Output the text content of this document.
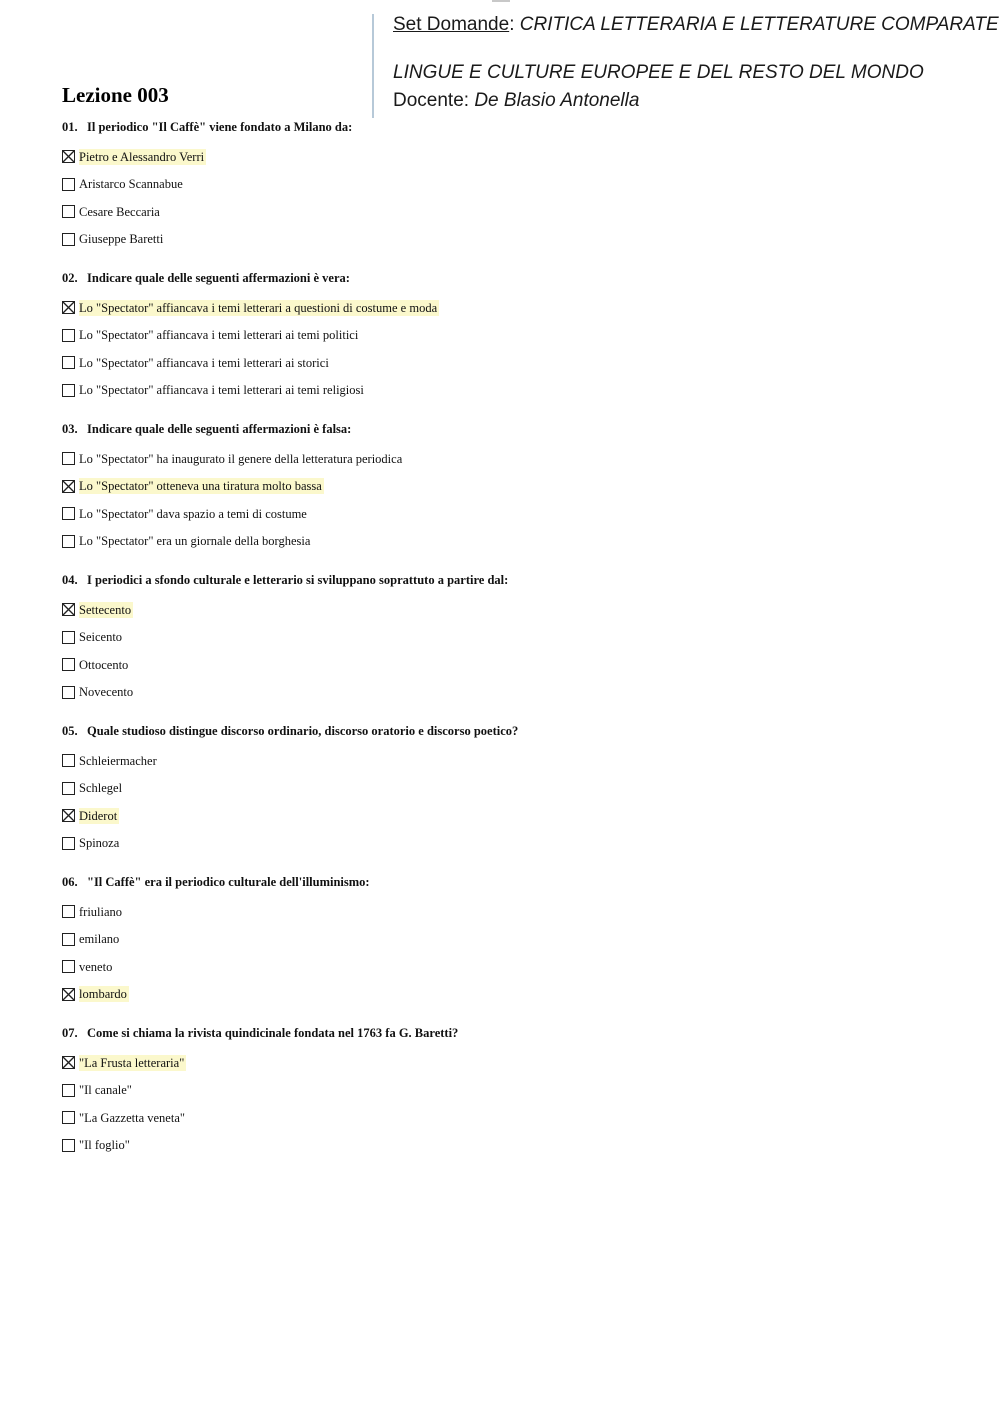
Set Domande: CRITICA LETTERARIA E LETTERATURE COMPARATE
LINGUE E CULTURE EUROPEE E DEL RESTO DEL MONDO
Docente: De Blasio Antonella
Lezione 003
01. Il periodico "Il Caffè" viene fondato a Milano da:
Pietro e Alessandro Verri
Aristarco Scannabue
Cesare Beccaria
Giuseppe Baretti
02. Indicare quale delle seguenti affermazioni è vera:
Lo "Spectator" affiancava i temi letterari a questioni di costume e moda
Lo "Spectator" affiancava i temi letterari ai temi politici
Lo "Spectator" affiancava i temi letterari ai storici
Lo "Spectator" affiancava i temi letterari ai temi religiosi
03. Indicare quale delle seguenti affermazioni è falsa:
Lo "Spectator" ha inaugurato il genere della letteratura periodica
Lo "Spectator" otteneva una tiratura molto bassa
Lo "Spectator" dava spazio a temi di costume
Lo "Spectator" era un giornale della borghesia
04. I periodici a sfondo culturale e letterario si sviluppano soprattuto a partire dal:
Settecento
Seicento
Ottocento
Novecento
05. Quale studioso distingue discorso ordinario, discorso oratorio e discorso poetico?
Schleiermacher
Schlegel
Diderot
Spinoza
06. "Il Caffè" era il periodico culturale dell'illuminismo:
friuliano
emilano
veneto
lombardo
07. Come si chiama la rivista quindicinale fondata nel 1763 fa G. Baretti?
"La Frusta letteraria"
"Il canale"
"La Gazzetta veneta"
"Il foglio"
